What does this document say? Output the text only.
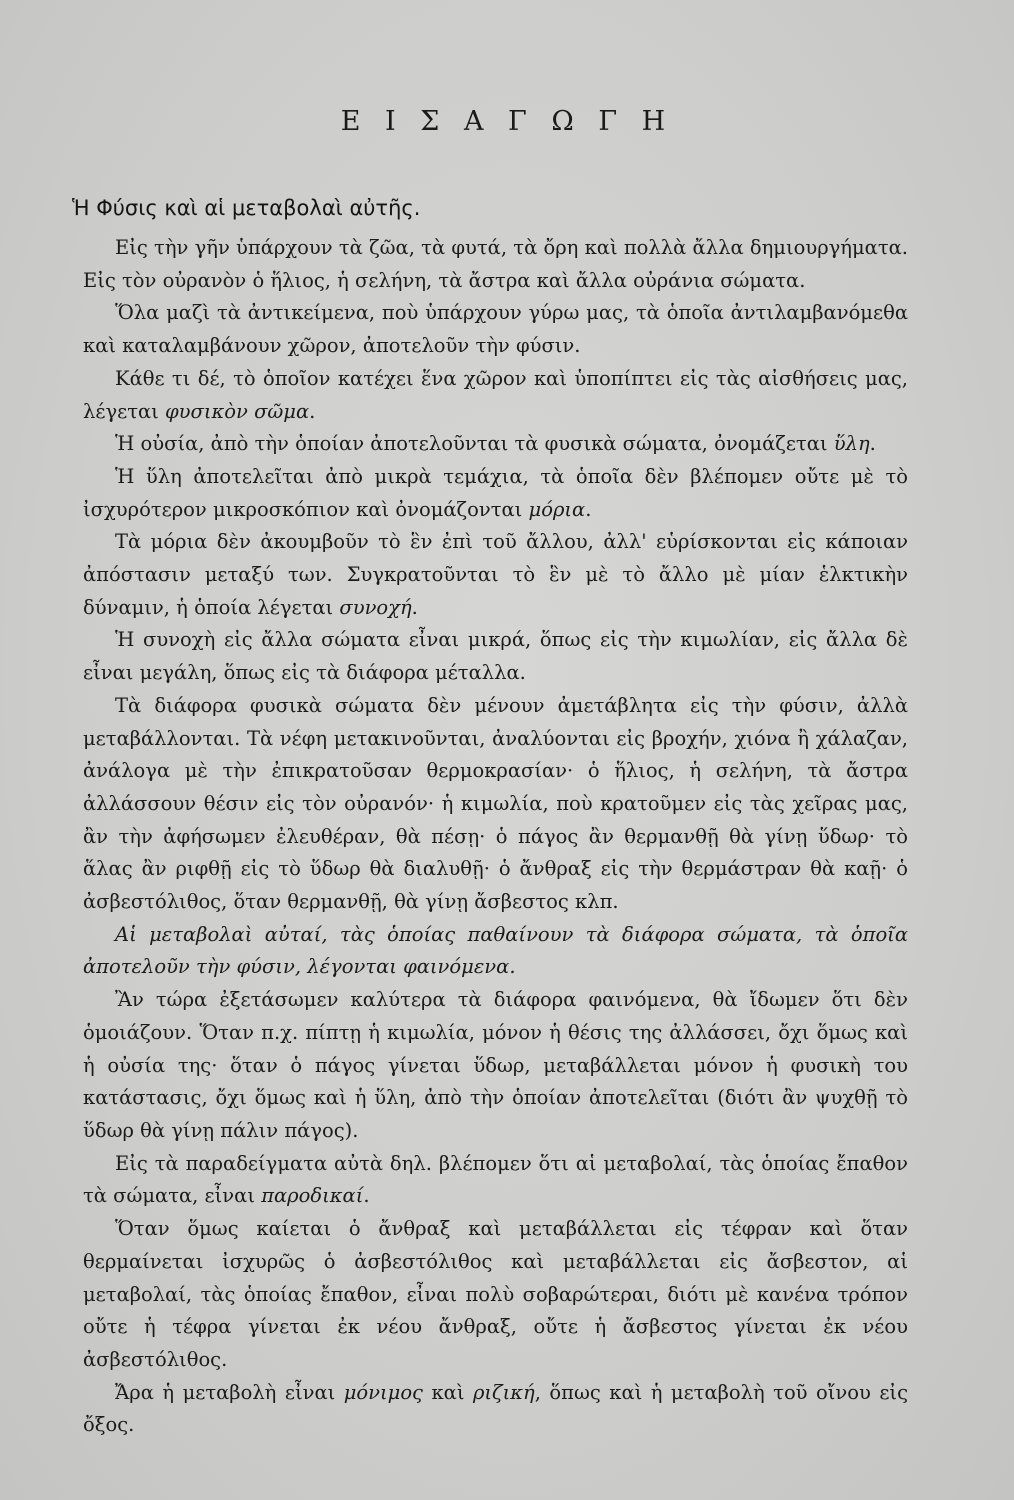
Ε Ι Σ Α Γ Ω Γ Η
Ἡ Φύσις καὶ αἱ μεταβολαὶ αὐτῆς.

Εἰς τὴν γῆν ὑπάρχουν τὰ ζῶα, τὰ φυτά, τὰ ὄρη καὶ πολλὰ ἄλλα δημιουργήματα. Εἰς τὸν οὐρανὸν ὁ ἥλιος, ἡ σελήνη, τὰ ἄστρα καὶ ἄλλα οὐράνια σώματα.

Ὅλα μαζὶ τὰ ἀντικείμενα, ποὺ ὑπάρχουν γύρω μας, τὰ ὁποῖα ἀντιλαμβανόμεθα καὶ καταλαμβάνουν χῶρον, ἀποτελοῦν τὴν φύσιν.

Κάθε τι δέ, τὸ ὁποῖον κατέχει ἕνα χῶρον καὶ ὑποπίπτει εἰς τὰς αἰσθήσεις μας, λέγεται φυσικὸν σῶμα.

Ἡ οὐσία, ἀπὸ τὴν ὁποίαν ἀποτελοῦνται τὰ φυσικὰ σώματα, ὀνομάζεται ὕλη.

Ἡ ὕλη ἀποτελεῖται ἀπὸ μικρὰ τεμάχια, τὰ ὁποῖα δὲν βλέπομεν οὔτε μὲ τὸ ἰσχυρότερον μικροσκόπιον καὶ ὀνομάζονται μόρια.

Τὰ μόρια δὲν ἀκουμβοῦν τὸ ἓν ἐπὶ τοῦ ἄλλου, ἀλλ' εὑρίσκονται εἰς κάποιαν ἀπόστασιν μεταξύ των. Συγκρατοῦνται τὸ ἓν μὲ τὸ ἄλλο μὲ μίαν ἑλκτικὴν δύναμιν, ἡ ὁποία λέγεται συνοχή.

Ἡ συνοχὴ εἰς ἄλλα σώματα εἶναι μικρά, ὅπως εἰς τὴν κιμωλίαν, εἰς ἄλλα δὲ εἶναι μεγάλη, ὅπως εἰς τὰ διάφορα μέταλλα.

Τὰ διάφορα φυσικὰ σώματα δὲν μένουν ἀμετάβλητα εἰς τὴν φύσιν, ἀλλὰ μεταβάλλονται. Τὰ νέφη μετακινοῦνται, ἀναλύονται εἰς βροχήν, χιόνα ἢ χάλαζαν, ἀνάλογα μὲ τὴν ἐπικρατοῦσαν θερμοκρασίαν· ὁ ἥλιος, ἡ σελήνη, τὰ ἄστρα ἀλλάσσουν θέσιν εἰς τὸν οὐρανόν· ἡ κιμωλία, ποὺ κρατοῦμεν εἰς τὰς χεῖρας μας, ἂν τὴν ἀφήσωμεν ἐλευθέραν, θὰ πέσῃ· ὁ πάγος ἂν θερμανθῇ θὰ γίνῃ ὕδωρ· τὸ ἅλας ἂν ριφθῇ εἰς τὸ ὕδωρ θὰ διαλυθῇ· ὁ ἄνθραξ εἰς τὴν θερμάστραν θὰ καῇ· ὁ ἀσβεστόλιθος, ὅταν θερμανθῇ, θὰ γίνῃ ἄσβεστος κλπ.

Αἱ μεταβολαὶ αὐταί, τὰς ὁποίας παθαίνουν τὰ διάφορα σώματα, τὰ ὁποῖα ἀποτελοῦν τὴν φύσιν, λέγονται φαινόμενα.

Ἂν τώρα ἐξετάσωμεν καλύτερα τὰ διάφορα φαινόμενα, θὰ ἴδωμεν ὅτι δὲν ὁμοιάζουν. Ὅταν π.χ. πίπτῃ ἡ κιμωλία, μόνον ἡ θέσις της ἀλλάσσει, ὄχι ὅμως καὶ ἡ οὐσία της· ὅταν ὁ πάγος γίνεται ὕδωρ, μεταβάλλεται μόνον ἡ φυσικὴ του κατάστασις, ὄχι ὅμως καὶ ἡ ὕλη, ἀπὸ τὴν ὁποίαν ἀποτελεῖται (διότι ἂν ψυχθῇ τὸ ὕδωρ θὰ γίνῃ πάλιν πάγος).

Εἰς τὰ παραδείγματα αὐτὰ δηλ. βλέπομεν ὅτι αἱ μεταβολαί, τὰς ὁποίας ἔπαθον τὰ σώματα, εἶναι παροδικαί.

Ὅταν ὅμως καίεται ὁ ἄνθραξ καὶ μεταβάλλεται εἰς τέφραν καὶ ὅταν θερμαίνεται ἰσχυρῶς ὁ ἀσβεστόλιθος καὶ μεταβάλλεται εἰς ἄσβεστον, αἱ μεταβολαί, τὰς ὁποίας ἔπαθον, εἶναι πολὺ σοβαρώτεραι, διότι μὲ κανένα τρόπον οὔτε ἡ τέφρα γίνεται ἐκ νέου ἄνθραξ, οὔτε ἡ ἄσβεστος γίνεται ἐκ νέου ἀσβεστόλιθος.

Ἄρα ἡ μεταβολὴ εἶναι μόνιμος καὶ ριζική, ὅπως καὶ ἡ μεταβολὴ τοῦ οἴνου εἰς ὄξος.
